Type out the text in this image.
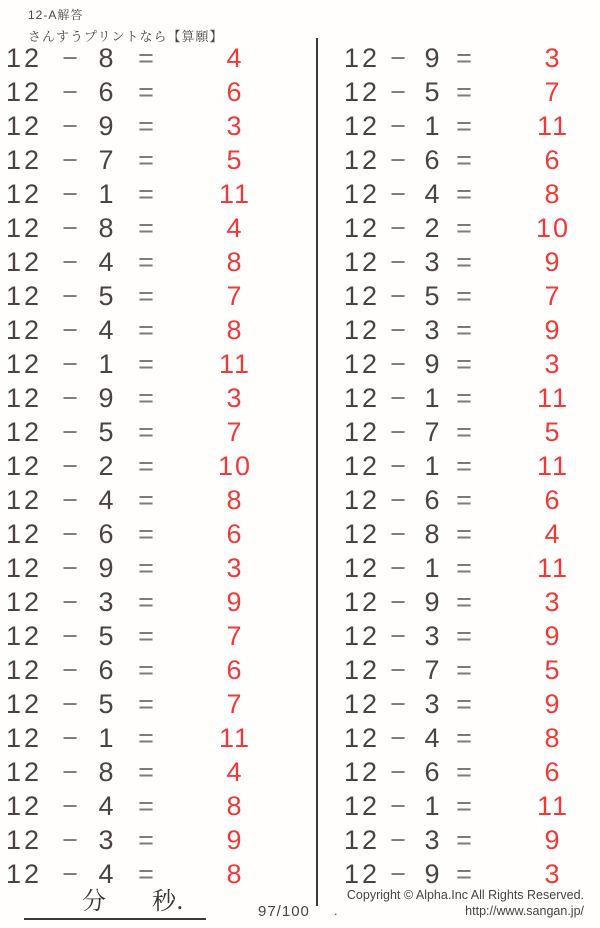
12-A解答
さんすうプリントなら【算願】
12 − 8 =	4
12 − 6 =	6
12 − 9 =	3
12 − 7 =	5
12 − 1 =	11
12 − 8 =	4
12 − 4 =	8
12 − 5 =	7
12 − 4 =	8
12 − 1 =	11
12 − 9 =	3
12 − 5 =	7
12 − 2 =	10
12 − 4 =	8
12 − 6 =	6
12 − 9 =	3
12 − 3 =	9
12 − 5 =	7
12 − 6 =	6
12 − 5 =	7
12 − 1 =	11
12 − 8 =	4
12 − 4 =	8
12 − 3 =	9
12 − 4 =	8
12 − 9 =	3
12 − 5 =	7
12 − 1 =	11
12 − 6 =	6
12 − 4 =	8
12 − 2 =	10
12 − 3 =	9
12 − 5 =	7
12 − 3 =	9
12 − 9 =	3
12 − 1 =	11
12 − 7 =	5
12 − 1 =	11
12 − 6 =	6
12 − 8 =	4
12 − 1 =	11
12 − 9 =	3
12 − 3 =	9
12 − 7 =	5
12 − 3 =	9
12 − 4 =	8
12 − 6 =	6
12 − 1 =	11
12 − 3 =	9
12 − 9 =	3
分 秒.	97/100
Copyright © Alpha.Inc All Rights Reserved.
.	http://www.sangan.jp/
